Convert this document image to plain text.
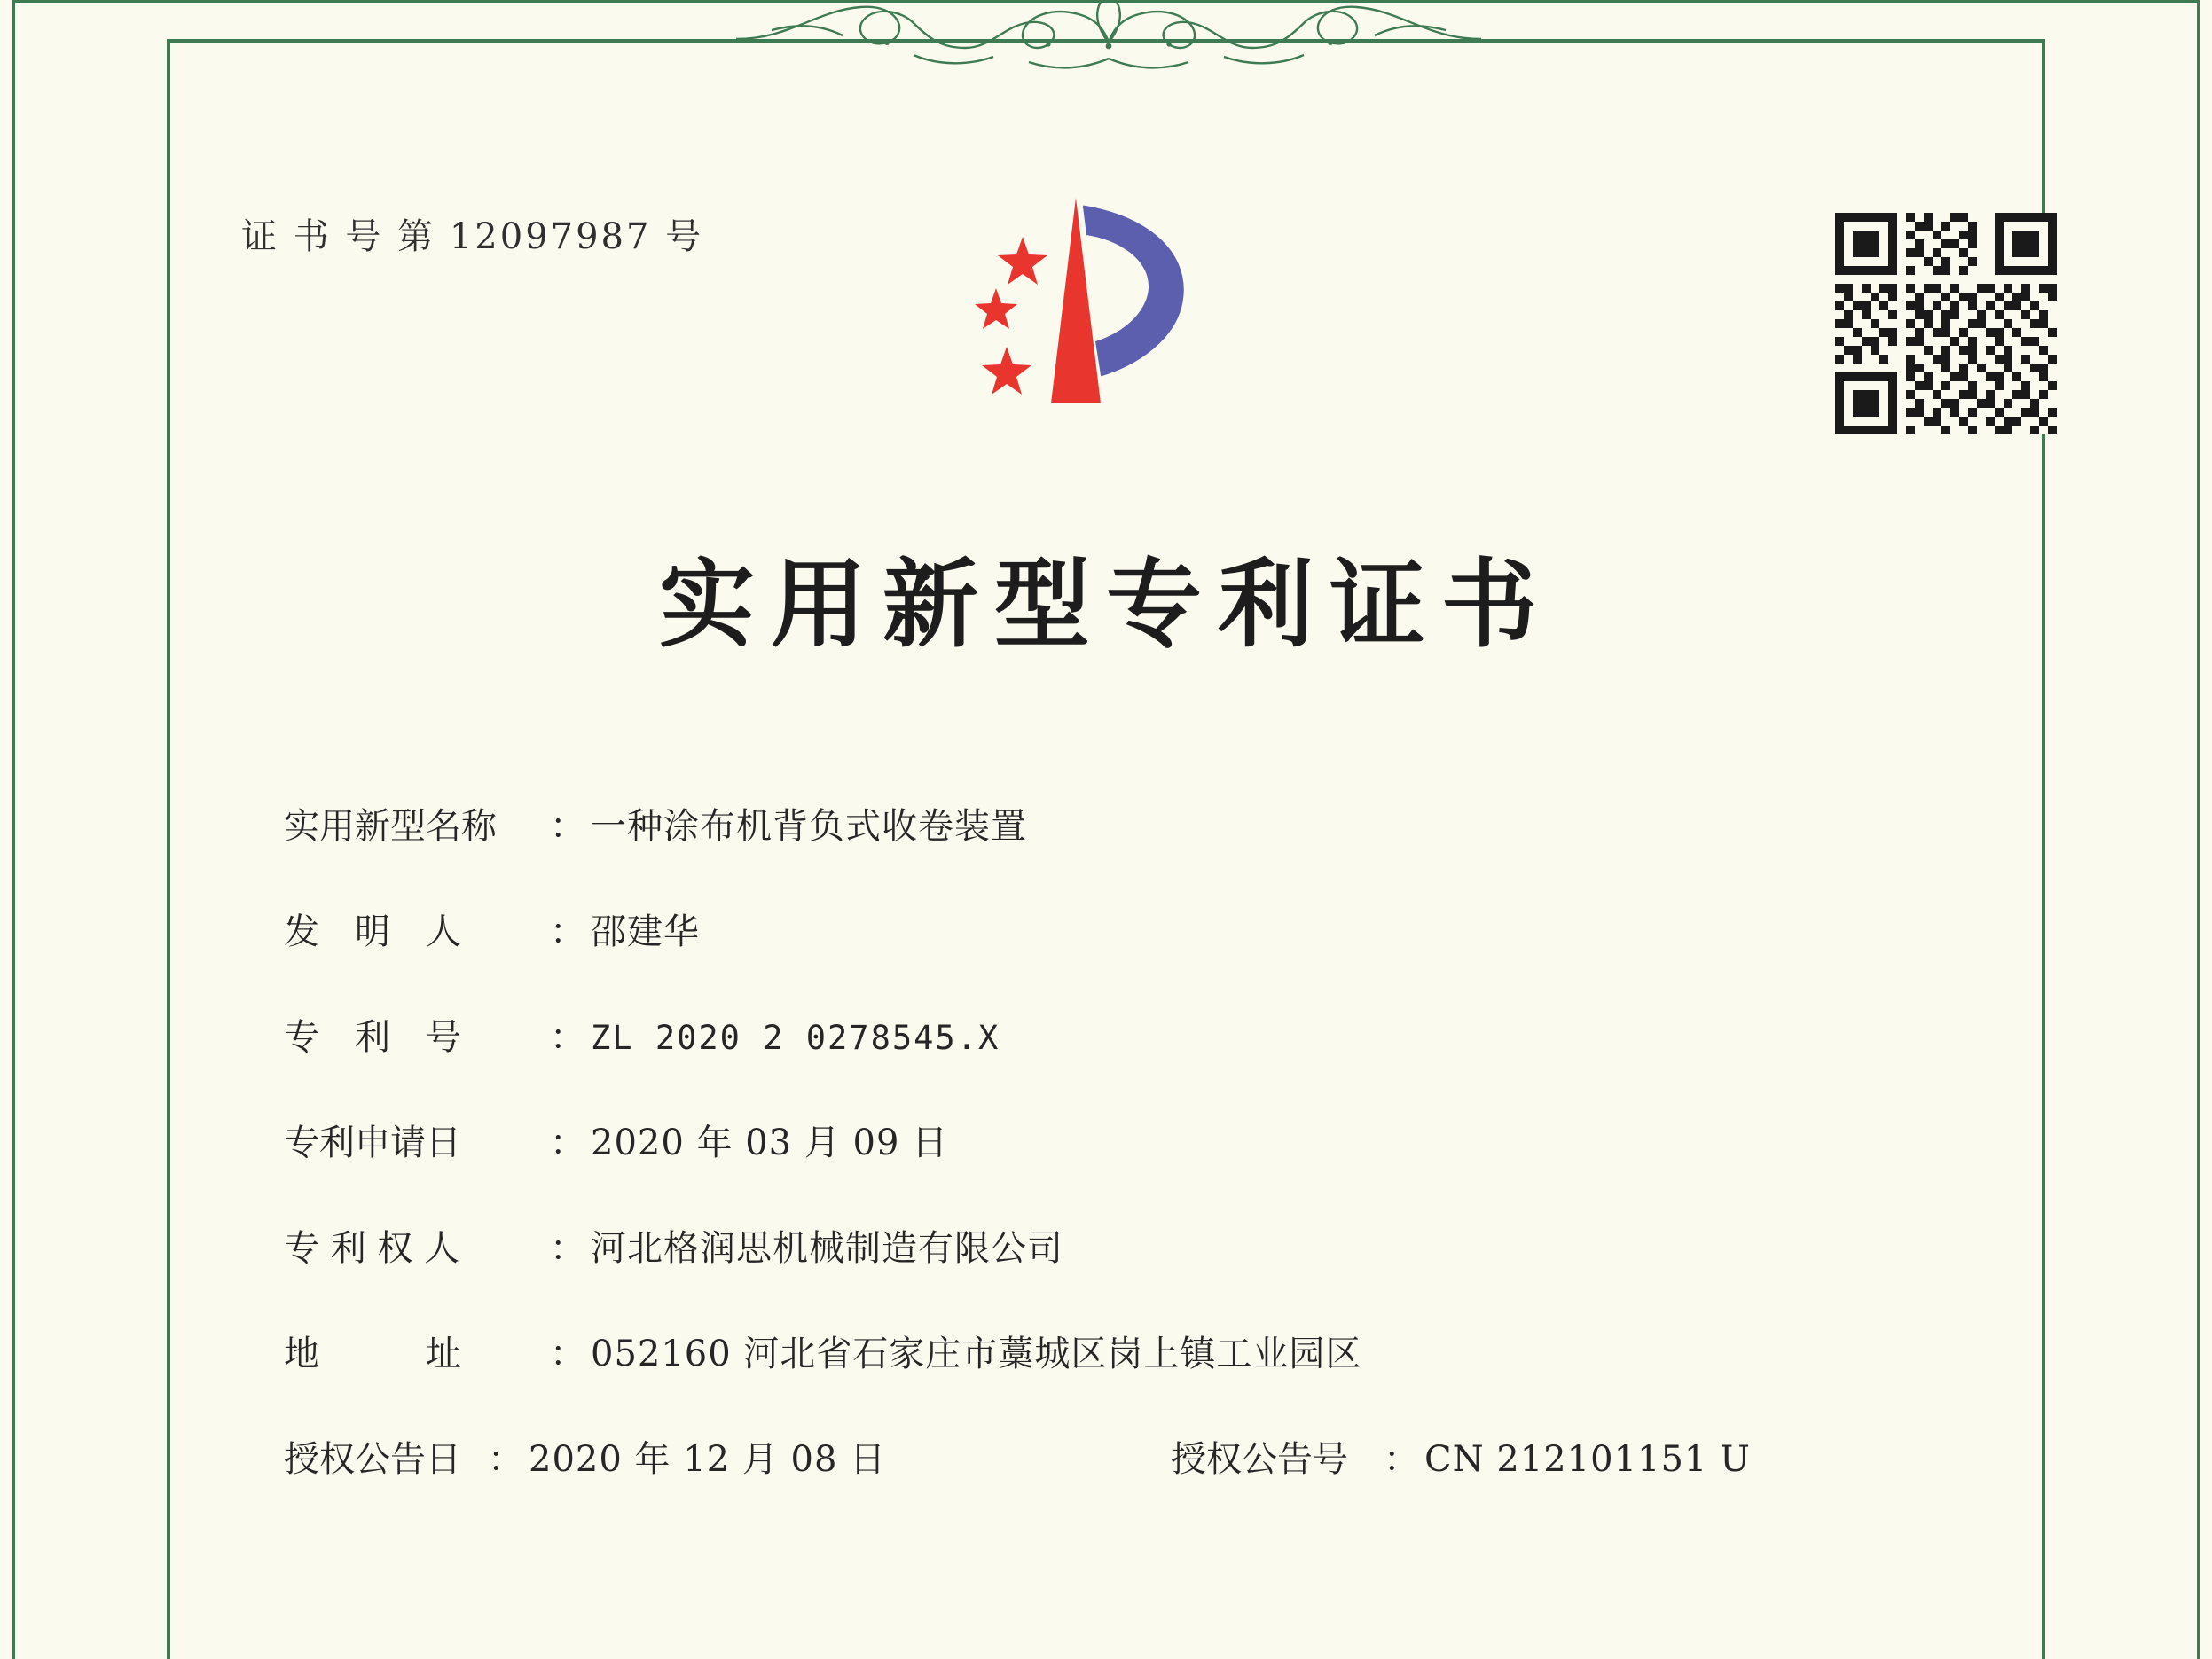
证 书 号 第 12097987 号
实用新型专利证书
实用新型名称	： 一种涂布机背负式收卷装置
发　明　人	： 邵建华
专　利　号	： ZL 2020 2 0278545.X
专利申请日	： 2020 年 03 月 09 日
专 利 权 人	： 河北格润思机械制造有限公司
地　　　址	： 052160 河北省石家庄市藁城区岗上镇工业园区
授权公告日 ： 2020 年 12 月 08 日	授权公告号	： CN 212101151 U
